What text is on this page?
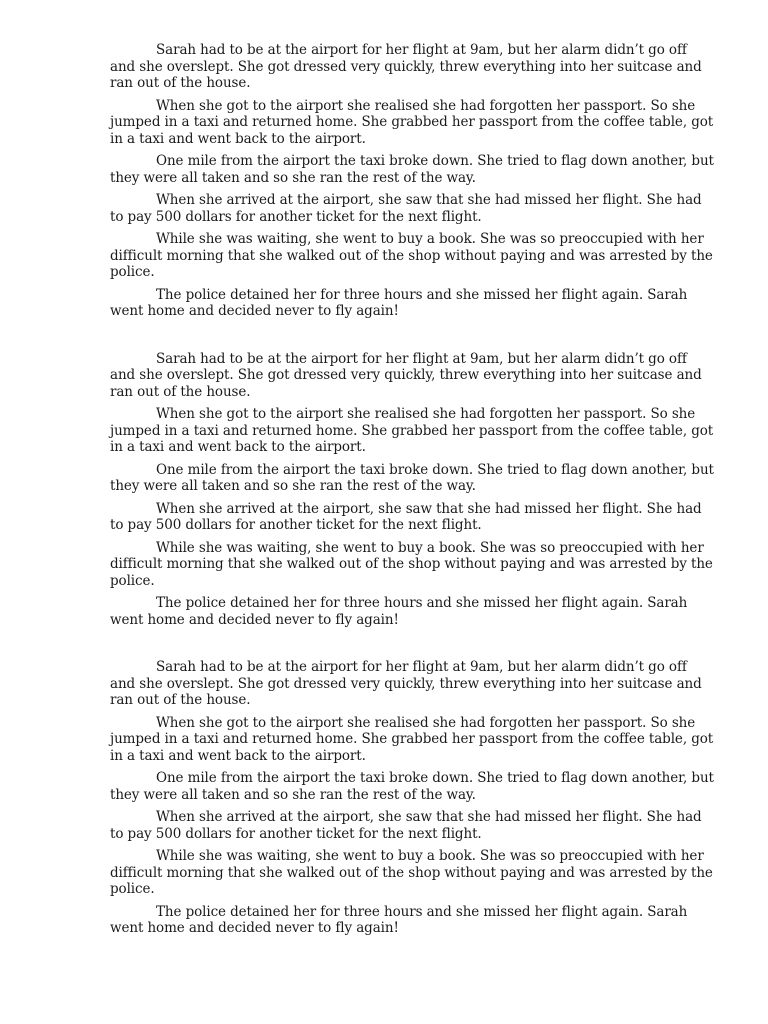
Sarah had to be at the airport for her flight at 9am, but her alarm didn’t go off and she overslept. She got dressed very quickly, threw everything into her suitcase and ran out of the house.

When she got to the airport she realised she had forgotten her passport. So she jumped in a taxi and returned home. She grabbed her passport from the coffee table, got in a taxi and went back to the airport.

One mile from the airport the taxi broke down. She tried to flag down another, but they were all taken and so she ran the rest of the way.

When she arrived at the airport, she saw that she had missed her flight. She had to pay 500 dollars for another ticket for the next flight.

While she was waiting, she went to buy a book. She was so preoccupied with her difficult morning that she walked out of the shop without paying and was arrested by the police.

The police detained her for three hours and she missed her flight again. Sarah went home and decided never to fly again!

Sarah had to be at the airport for her flight at 9am, but her alarm didn’t go off and she overslept. She got dressed very quickly, threw everything into her suitcase and ran out of the house.

When she got to the airport she realised she had forgotten her passport. So she jumped in a taxi and returned home. She grabbed her passport from the coffee table, got in a taxi and went back to the airport.

One mile from the airport the taxi broke down. She tried to flag down another, but they were all taken and so she ran the rest of the way.

When she arrived at the airport, she saw that she had missed her flight. She had to pay 500 dollars for another ticket for the next flight.

While she was waiting, she went to buy a book. She was so preoccupied with her difficult morning that she walked out of the shop without paying and was arrested by the police.

The police detained her for three hours and she missed her flight again. Sarah went home and decided never to fly again!

Sarah had to be at the airport for her flight at 9am, but her alarm didn’t go off and she overslept. She got dressed very quickly, threw everything into her suitcase and ran out of the house.

When she got to the airport she realised she had forgotten her passport. So she jumped in a taxi and returned home. She grabbed her passport from the coffee table, got in a taxi and went back to the airport.

One mile from the airport the taxi broke down. She tried to flag down another, but they were all taken and so she ran the rest of the way.

When she arrived at the airport, she saw that she had missed her flight. She had to pay 500 dollars for another ticket for the next flight.

While she was waiting, she went to buy a book. She was so preoccupied with her difficult morning that she walked out of the shop without paying and was arrested by the police.

The police detained her for three hours and she missed her flight again. Sarah went home and decided never to fly again!
